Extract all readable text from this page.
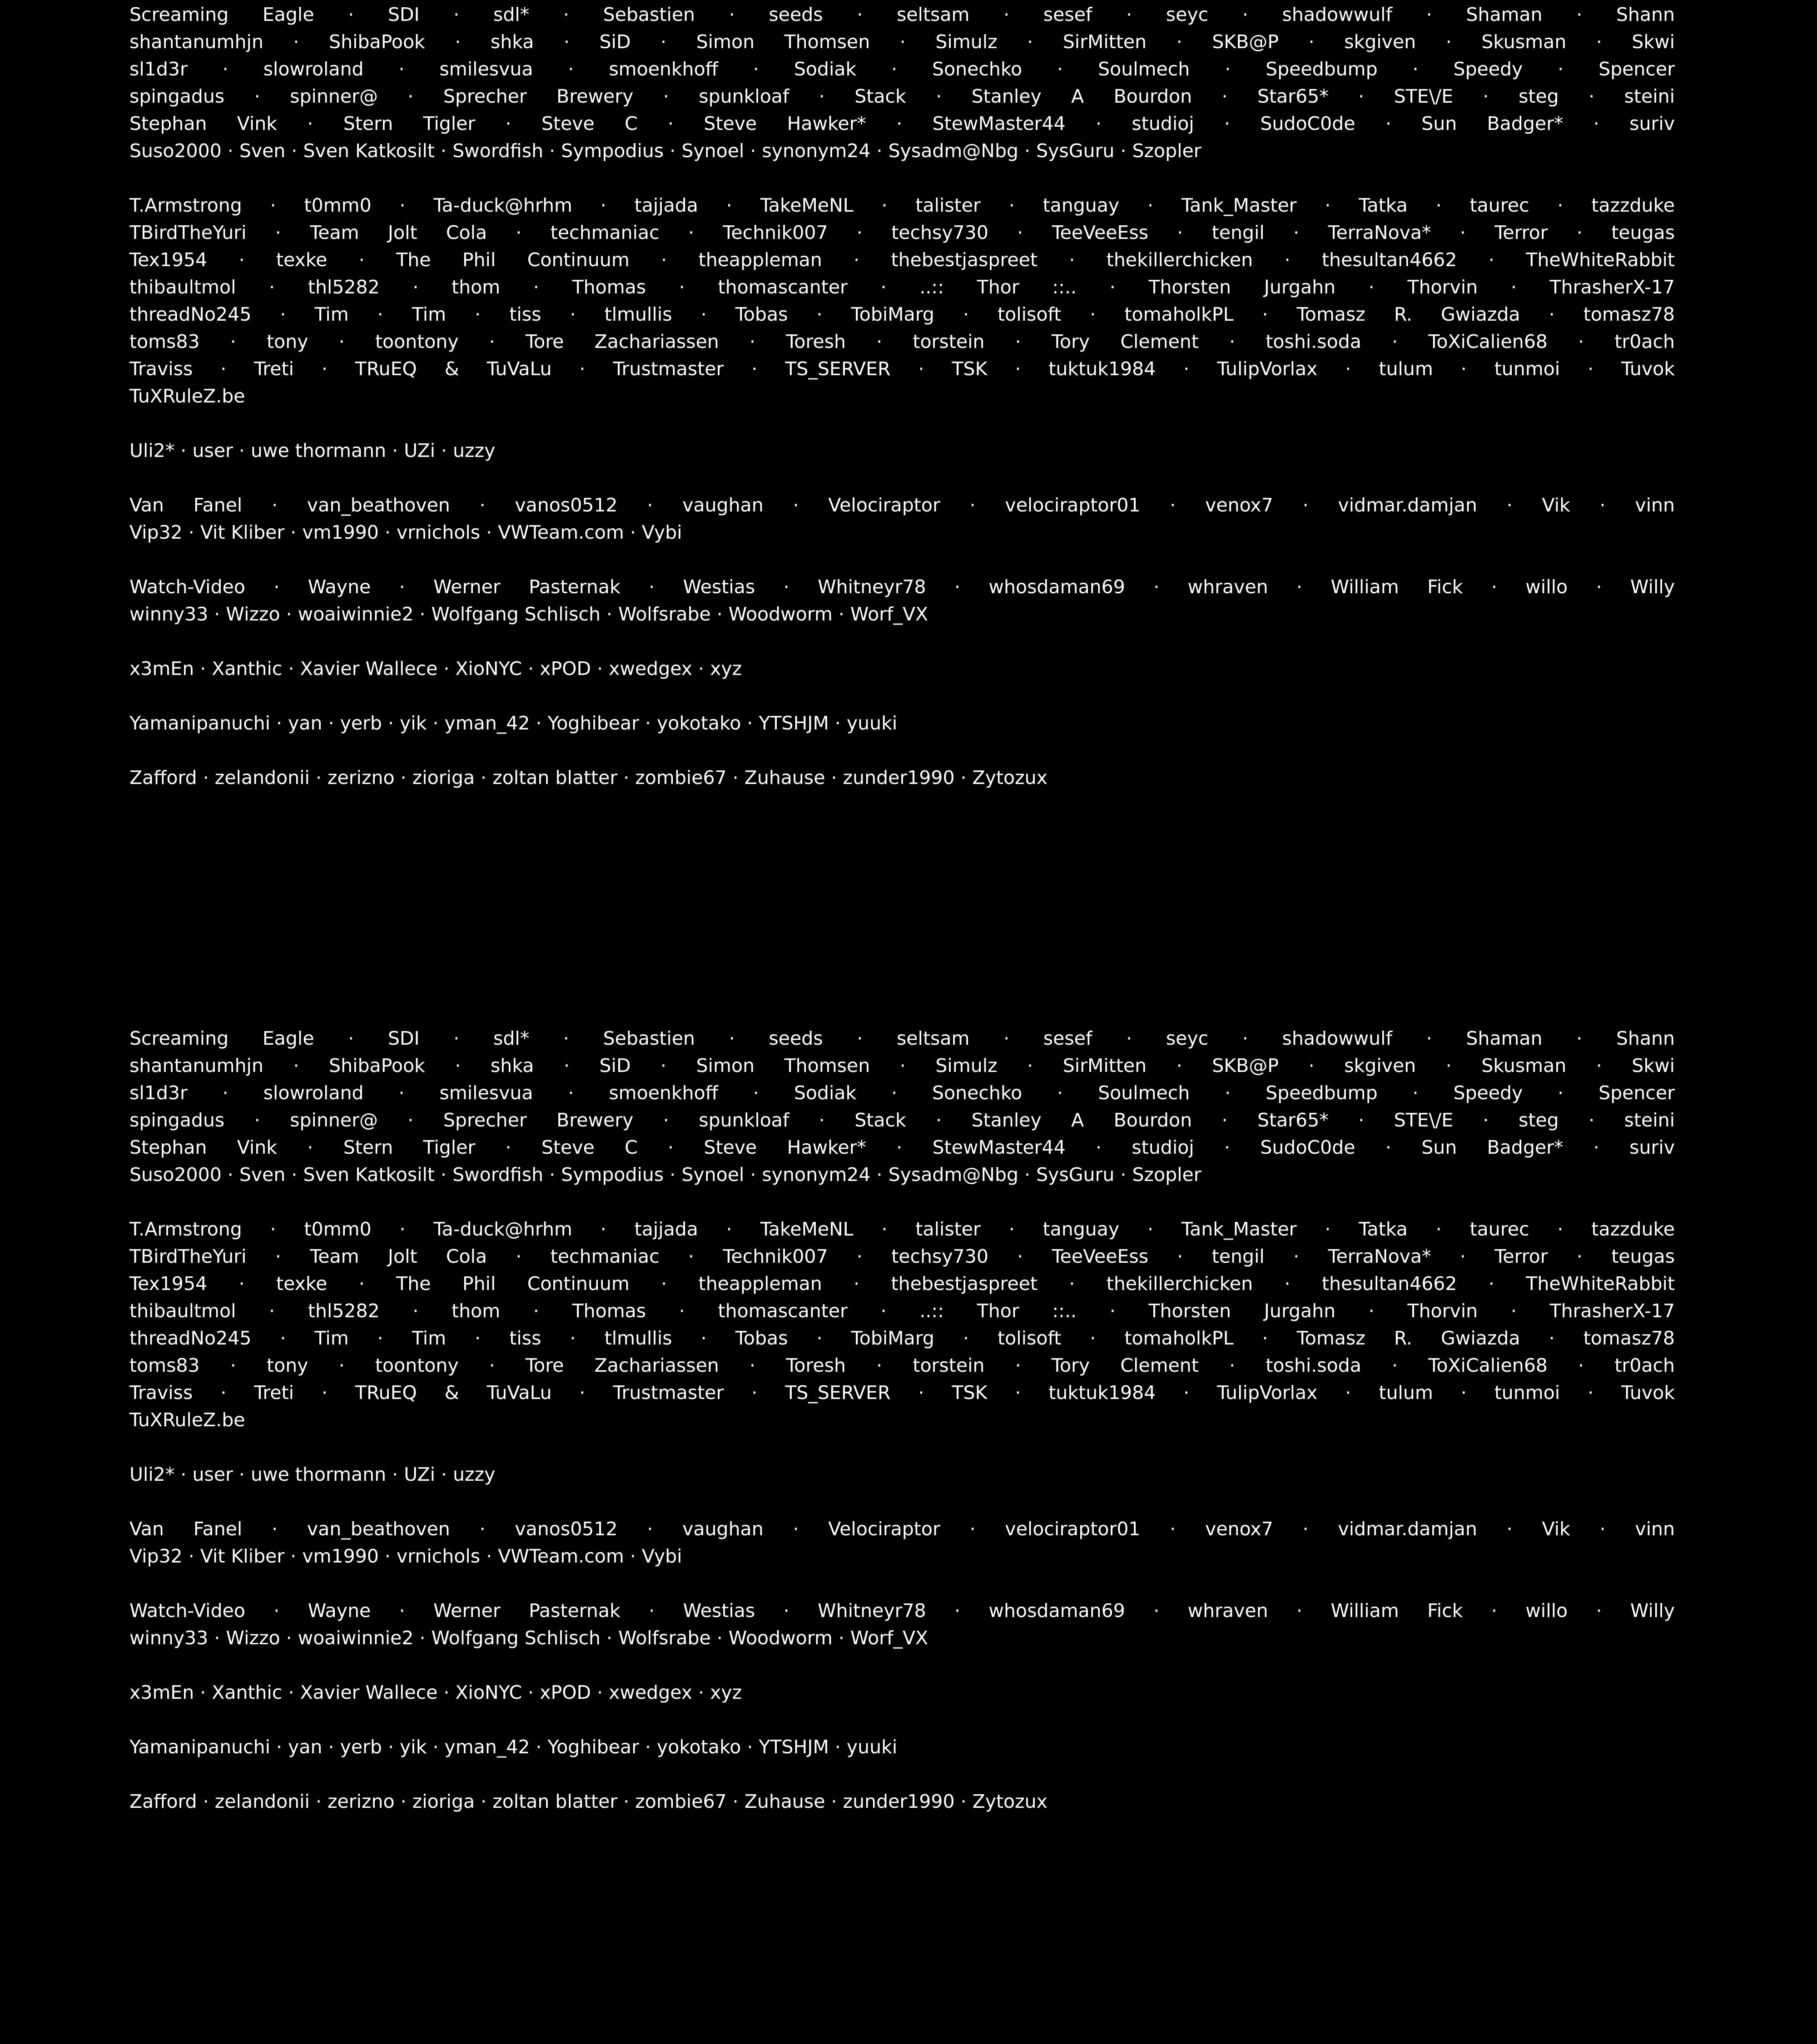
Screaming Eagle · SDI · sdl* · Sebastien · seeds · seltsam · sesef · seyc · shadowwulf · Shaman · Shann
shantanumhjn · ShibaPook · shka · SiD · Simon Thomsen · Simulz · SirMitten · SKB@P · skgiven · Skusman · Skwi
sl1d3r · slowroland · smilesvua · smoenkhoff · Sodiak · Sonechko · Soulmech · Speedbump · Speedy · Spencer
spingadus · spinner@ · Sprecher Brewery · spunkloaf · Stack · Stanley A Bourdon · Star65* · STE\/E · steg · steini
Stephan Vink · Stern Tigler · Steve C · Steve Hawker* · StewMaster44 · studioj · SudoC0de · Sun Badger* · suriv
Suso2000 · Sven · Sven Katkosilt · Swordfish · Sympodius · Synoel · synonym24 · Sysadm@Nbg · SysGuru · Szopler
T.Armstrong · t0mm0 · Ta-duck@hrhm · tajjada · TakeMeNL · talister · tanguay · Tank_Master · Tatka · taurec · tazzduke
TBirdTheYuri · Team Jolt Cola · techmaniac · Technik007 · techsy730 · TeeVeeEss · tengil · TerraNova* · Terror · teugas
Tex1954 · texke · The Phil Continuum · theappleman · thebestjaspreet · thekillerchicken · thesultan4662 · TheWhiteRabbit
thibaultmol · thl5282 · thom · Thomas · thomascanter · ..:: Thor ::.. · Thorsten Jurgahn · Thorvin · ThrasherX-17
threadNo245 · Tim · Tim · tiss · tlmullis · Tobas · TobiMarg · tolisoft · tomaholkPL · Tomasz R. Gwiazda · tomasz78
toms83 · tony · toontony · Tore Zachariassen · Toresh · torstein · Tory Clement · toshi.soda · ToXiCalien68 · tr0ach
Traviss · Treti · TRuEQ & TuVaLu · Trustmaster · TS_SERVER · TSK · tuktuk1984 · TulipVorlax · tulum · tunmoi · Tuvok
TuXRuleZ.be
Uli2* · user · uwe thormann · UZi · uzzy
Van Fanel · van_beathoven · vanos0512 · vaughan · Velociraptor · velociraptor01 · venox7 · vidmar.damjan · Vik · vinn
Vip32 · Vit Kliber · vm1990 · vrnichols · VWTeam.com · Vybi
Watch-Video · Wayne · Werner Pasternak · Westias · Whitneyr78 · whosdaman69 · whraven · William Fick · willo · Willy
winny33 · Wizzo · woaiwinnie2 · Wolfgang Schlisch · Wolfsrabe · Woodworm · Worf_VX
x3mEn · Xanthic · Xavier Wallece · XioNYC · xPOD · xwedgex · xyz
Yamanipanuchi · yan · yerb · yik · yman_42 · Yoghibear · yokotako · YTSHJM · yuuki
Zafford · zelandonii · zerizno · zioriga · zoltan blatter · zombie67 · Zuhause · zunder1990 · Zytozux
Screaming Eagle · SDI · sdl* · Sebastien · seeds · seltsam · sesef · seyc · shadowwulf · Shaman · Shann
shantanumhjn · ShibaPook · shka · SiD · Simon Thomsen · Simulz · SirMitten · SKB@P · skgiven · Skusman · Skwi
sl1d3r · slowroland · smilesvua · smoenkhoff · Sodiak · Sonechko · Soulmech · Speedbump · Speedy · Spencer
spingadus · spinner@ · Sprecher Brewery · spunkloaf · Stack · Stanley A Bourdon · Star65* · STE\/E · steg · steini
Stephan Vink · Stern Tigler · Steve C · Steve Hawker* · StewMaster44 · studioj · SudoC0de · Sun Badger* · suriv
Suso2000 · Sven · Sven Katkosilt · Swordfish · Sympodius · Synoel · synonym24 · Sysadm@Nbg · SysGuru · Szopler
T.Armstrong · t0mm0 · Ta-duck@hrhm · tajjada · TakeMeNL · talister · tanguay · Tank_Master · Tatka · taurec · tazzduke
TBirdTheYuri · Team Jolt Cola · techmaniac · Technik007 · techsy730 · TeeVeeEss · tengil · TerraNova* · Terror · teugas
Tex1954 · texke · The Phil Continuum · theappleman · thebestjaspreet · thekillerchicken · thesultan4662 · TheWhiteRabbit
thibaultmol · thl5282 · thom · Thomas · thomascanter · ..:: Thor ::.. · Thorsten Jurgahn · Thorvin · ThrasherX-17
threadNo245 · Tim · Tim · tiss · tlmullis · Tobas · TobiMarg · tolisoft · tomaholkPL · Tomasz R. Gwiazda · tomasz78
toms83 · tony · toontony · Tore Zachariassen · Toresh · torstein · Tory Clement · toshi.soda · ToXiCalien68 · tr0ach
Traviss · Treti · TRuEQ & TuVaLu · Trustmaster · TS_SERVER · TSK · tuktuk1984 · TulipVorlax · tulum · tunmoi · Tuvok
TuXRuleZ.be
Uli2* · user · uwe thormann · UZi · uzzy
Van Fanel · van_beathoven · vanos0512 · vaughan · Velociraptor · velociraptor01 · venox7 · vidmar.damjan · Vik · vinn
Vip32 · Vit Kliber · vm1990 · vrnichols · VWTeam.com · Vybi
Watch-Video · Wayne · Werner Pasternak · Westias · Whitneyr78 · whosdaman69 · whraven · William Fick · willo · Willy
winny33 · Wizzo · woaiwinnie2 · Wolfgang Schlisch · Wolfsrabe · Woodworm · Worf_VX
x3mEn · Xanthic · Xavier Wallece · XioNYC · xPOD · xwedgex · xyz
Yamanipanuchi · yan · yerb · yik · yman_42 · Yoghibear · yokotako · YTSHJM · yuuki
Zafford · zelandonii · zerizno · zioriga · zoltan blatter · zombie67 · Zuhause · zunder1990 · Zytozux
